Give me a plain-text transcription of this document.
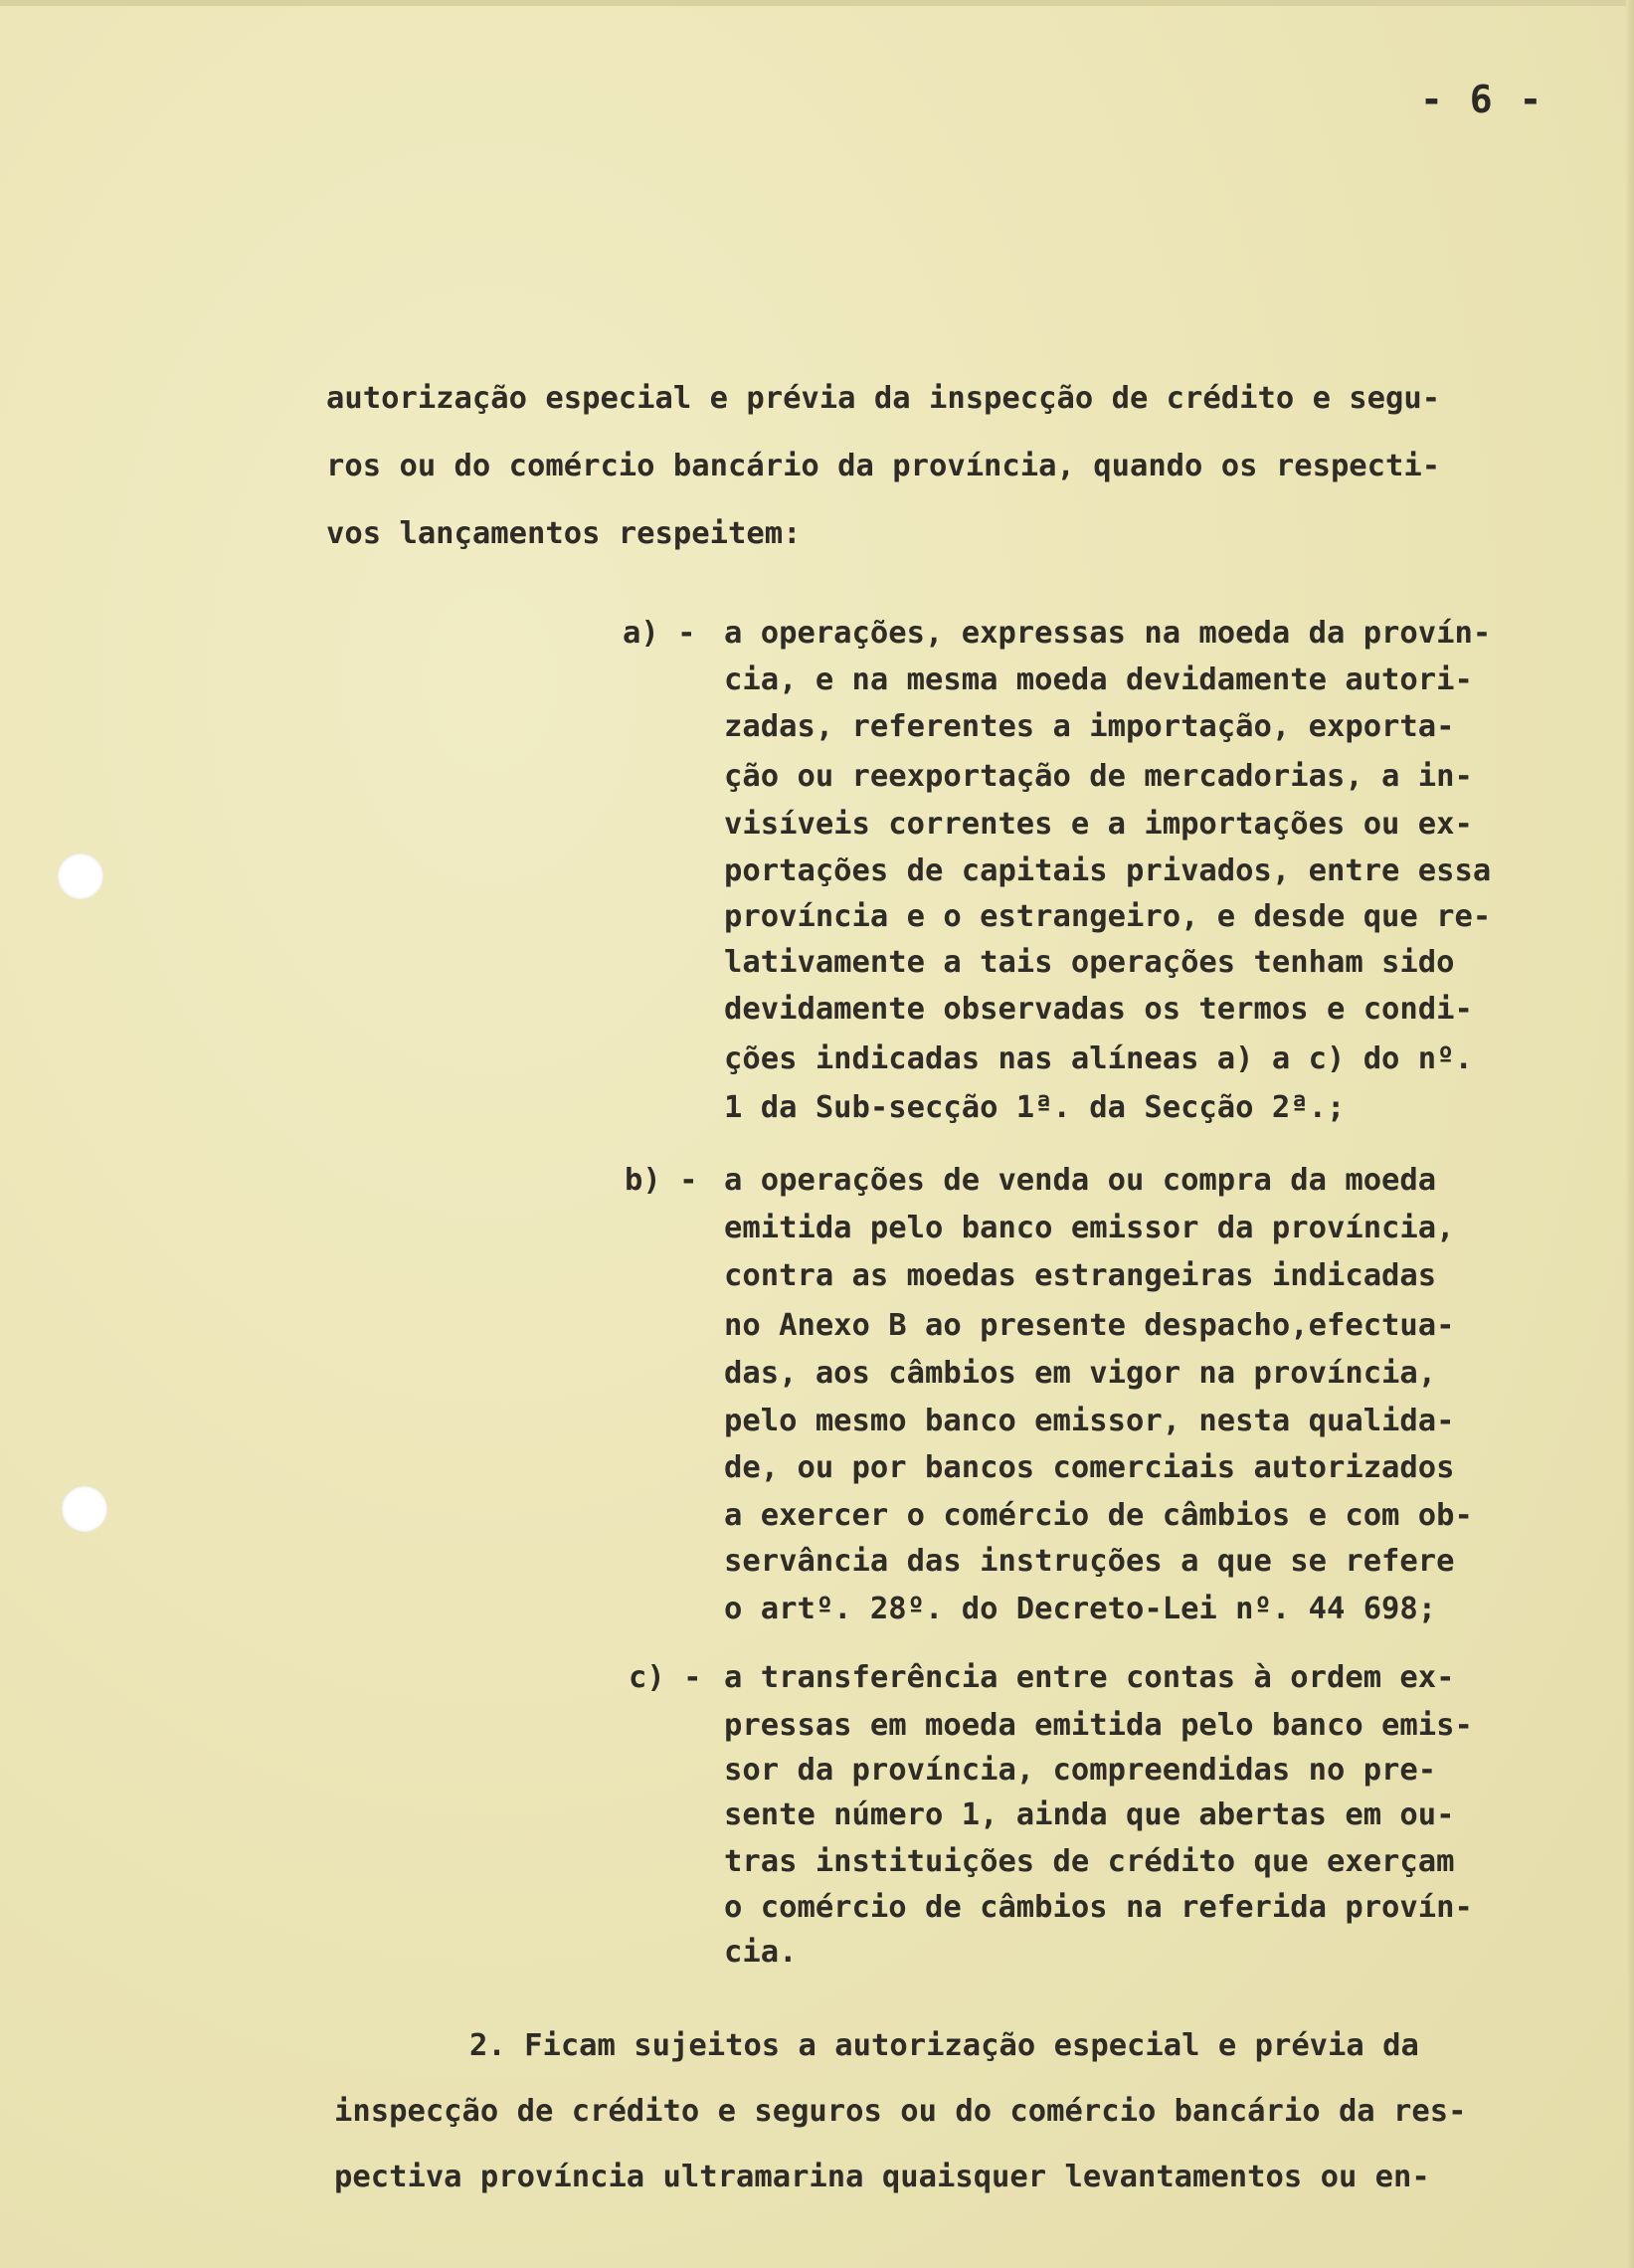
- 6 -
autorização especial e prévia da inspecção de crédito e segu-
ros ou do comércio bancário da província, quando os respecti-
vos lançamentos respeitem:
a) - a operações, expressas na moeda da provín-
cia, e na mesma moeda devidamente autori-
zadas, referentes a importação, exporta-
ção ou reexportação de mercadorias, a in-
visíveis correntes e a importações ou ex-
portações de capitais privados, entre essa
província e o estrangeiro, e desde que re-
lativamente a tais operações tenham sido
devidamente observadas os termos e condi-
ções indicadas nas alíneas a) a c) do nº.
1 da Sub-secção 1ª. da Secção 2ª.;
b) - a operações de venda ou compra da moeda
emitida pelo banco emissor da província,
contra as moedas estrangeiras indicadas
no Anexo B ao presente despacho,efectua-
das, aos câmbios em vigor na província,
pelo mesmo banco emissor, nesta qualida-
de, ou por bancos comerciais autorizados
a exercer o comércio de câmbios e com ob-
servância das instruções a que se refere
o artº. 28º. do Decreto-Lei nº. 44 698;
c) - a transferência entre contas à ordem ex-
pressas em moeda emitida pelo banco emis-
sor da província, compreendidas no pre-
sente número 1, ainda que abertas em ou-
tras instituições de crédito que exerçam
o comércio de câmbios na referida provín-
cia.
2. Ficam sujeitos a autorização especial e prévia da
inspecção de crédito e seguros ou do comércio bancário da res-
pectiva província ultramarina quaisquer levantamentos ou en-
